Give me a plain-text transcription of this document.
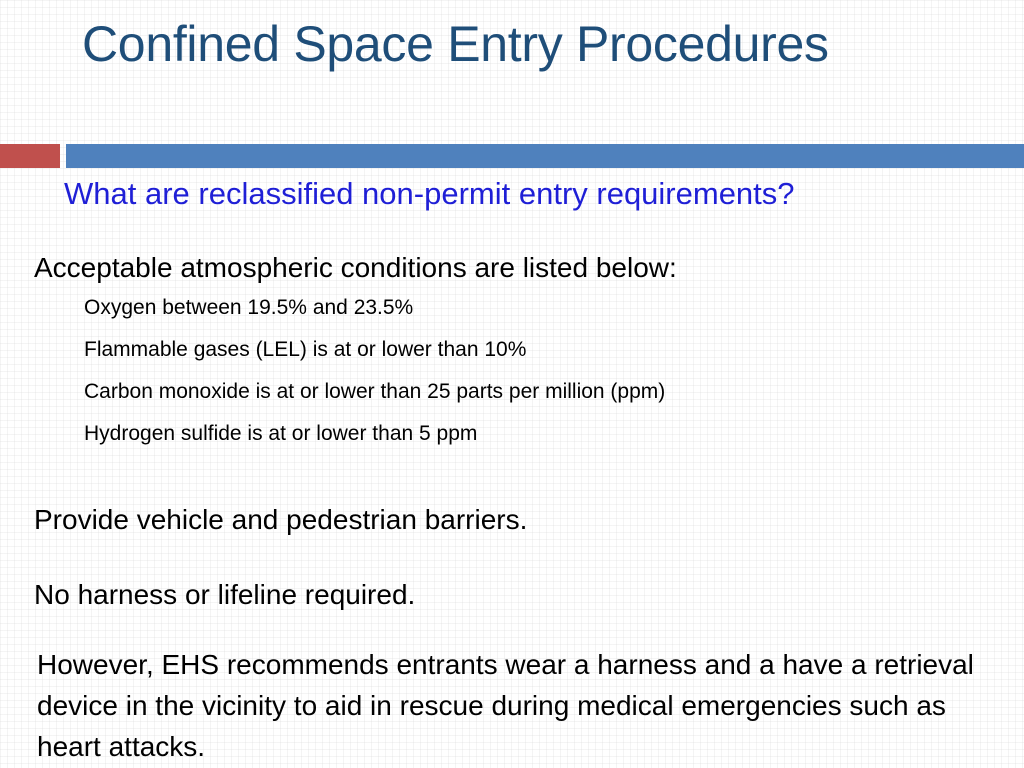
Confined Space Entry Procedures
What are reclassified non-permit entry requirements?
Acceptable atmospheric conditions are listed below:
Oxygen between 19.5% and 23.5%
Flammable gases (LEL) is at or lower than 10%
Carbon monoxide is at or lower than 25 parts per million (ppm)
Hydrogen sulfide is at or lower than 5 ppm
Provide vehicle and pedestrian barriers.
No harness or lifeline required.

However, EHS recommends entrants wear a harness and a have a retrieval device in the vicinity to aid in rescue during medical emergencies such as heart attacks.
